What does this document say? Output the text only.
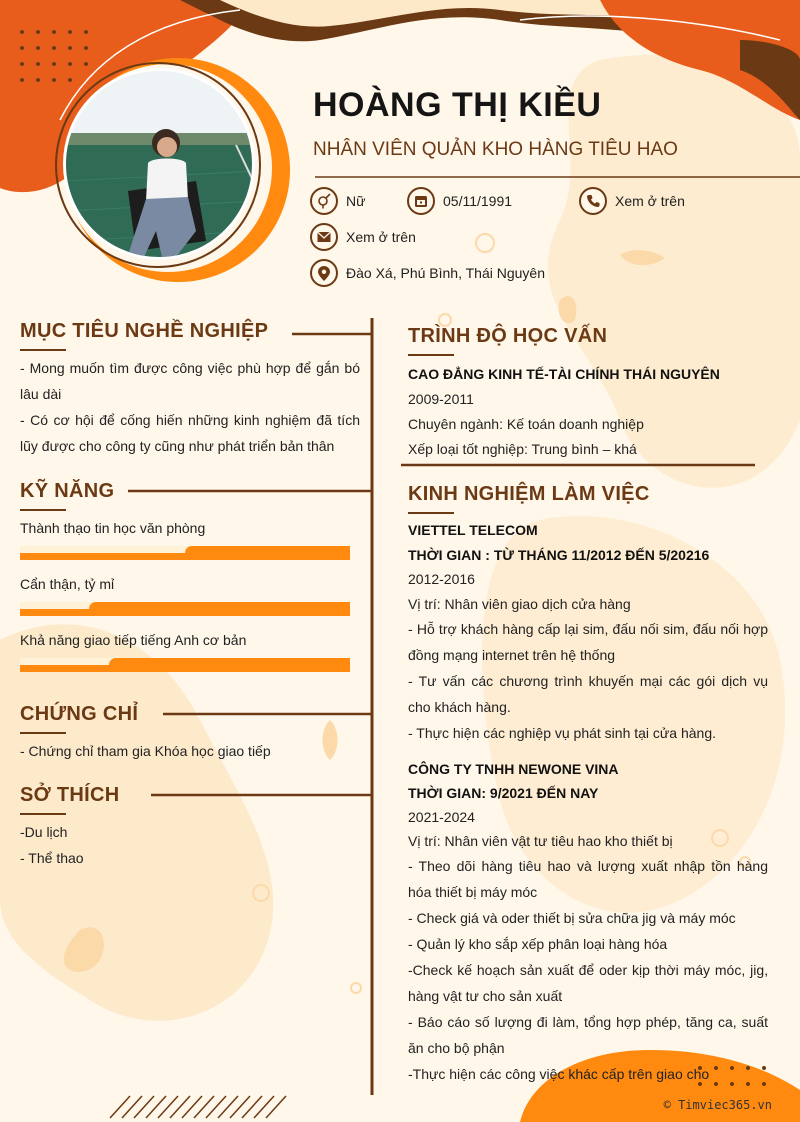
HOÀNG THỊ KIỀU
NHÂN VIÊN QUẢN KHO HÀNG TIÊU HAO
Nữ	05/11/1991	Xem ở trên
Xem ở trên
Đào Xá, Phú Bình, Thái Nguyên
MỤC TIÊU NGHỀ NGHIỆP

- Mong muốn tìm được công việc phù hợp để gắn bó lâu dài

- Có cơ hội để cống hiến những kinh nghiệm đã tích lũy được cho công ty cũng như phát triển bản thân

KỸ NĂNG
Thành thạo tin học văn phòng
Cẩn thận, tỷ mỉ
Khả năng giao tiếp tiếng Anh cơ bản
CHỨNG CHỈ

- Chứng chỉ tham gia Khóa học giao tiếp

SỞ THÍCH

-Du lịch

- Thể thao

TRÌNH ĐỘ HỌC VẤN

CAO ĐẲNG KINH TẾ-TÀI CHÍNH THÁI NGUYÊN

2009-2011

Chuyên ngành: Kế toán doanh nghiệp

Xếp loại tốt nghiệp: Trung bình – khá

KINH NGHIỆM LÀM VIỆC

VIETTEL TELECOM

THỜI GIAN : TỪ THÁNG 11/2012 ĐẾN 5/20216

2012-2016

Vị trí: Nhân viên giao dịch cửa hàng

- Hỗ trợ khách hàng cấp lại sim, đấu nối sim, đấu nối hợp đồng mạng internet trên hệ thống

- Tư vấn các chương trình khuyến mại các gói dịch vụ cho khách hàng.

- Thực hiện các nghiệp vụ phát sinh tại cửa hàng.

CÔNG TY TNHH NEWONE VINA

THỜI GIAN: 9/2021 ĐẾN NAY

2021-2024

Vị trí: Nhân viên vật tư tiêu hao kho thiết bị

- Theo dõi hàng tiêu hao và lượng xuất nhập tồn hàng hóa thiết bị máy móc

- Check giá và oder thiết bị sửa chữa jig và máy móc

- Quản lý kho sắp xếp phân loại hàng hóa

-Check kế hoạch sản xuất để oder kịp thời máy móc, jig, hàng vật tư cho sản xuất

- Báo cáo số lượng đi làm, tổng hợp phép, tăng ca, suất ăn cho bộ phận

-Thực hiện các công việc khác cấp trên giao cho

© Timviec365.vn
